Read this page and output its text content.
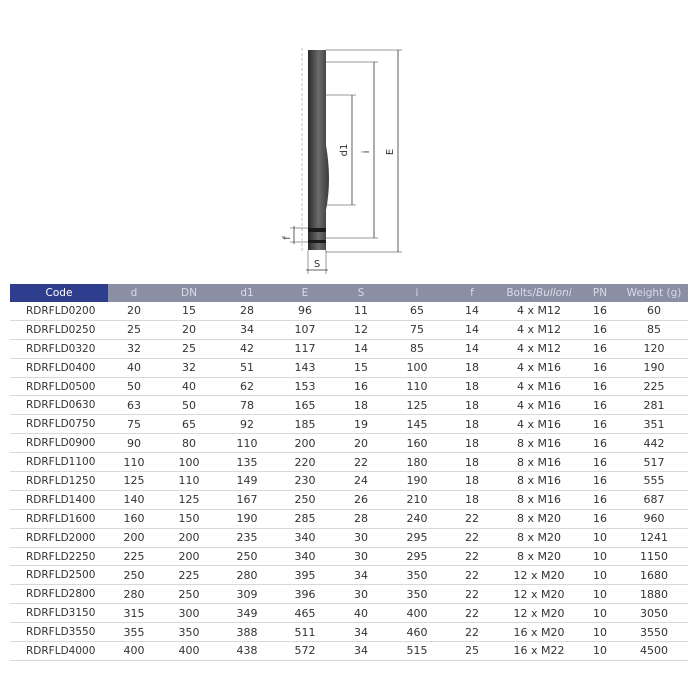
E
i
d1
f
S
Code	d	DN	d1	E	S	i	f	Bolts/Bulloni	PN	Weight (g)
RDRFLD0200	20	15	28	96	11	65	14	4 x M12	16	60
RDRFLD0250	25	20	34	107	12	75	14	4 x M12	16	85
RDRFLD0320	32	25	42	117	14	85	14	4 x M12	16	120
RDRFLD0400	40	32	51	143	15	100	18	4 x M16	16	190
RDRFLD0500	50	40	62	153	16	110	18	4 x M16	16	225
RDRFLD0630	63	50	78	165	18	125	18	4 x M16	16	281
RDRFLD0750	75	65	92	185	19	145	18	4 x M16	16	351
RDRFLD0900	90	80	110	200	20	160	18	8 x M16	16	442
RDRFLD1100	110	100	135	220	22	180	18	8 x M16	16	517
RDRFLD1250	125	110	149	230	24	190	18	8 x M16	16	555
RDRFLD1400	140	125	167	250	26	210	18	8 x M16	16	687
RDRFLD1600	160	150	190	285	28	240	22	8 x M20	16	960
RDRFLD2000	200	200	235	340	30	295	22	8 x M20	10	1241
RDRFLD2250	225	200	250	340	30	295	22	8 x M20	10	1150
RDRFLD2500	250	225	280	395	34	350	22	12 x M20	10	1680
RDRFLD2800	280	250	309	396	30	350	22	12 x M20	10	1880
RDRFLD3150	315	300	349	465	40	400	22	12 x M20	10	3050
RDRFLD3550	355	350	388	511	34	460	22	16 x M20	10	3550
RDRFLD4000	400	400	438	572	34	515	25	16 x M22	10	4500
